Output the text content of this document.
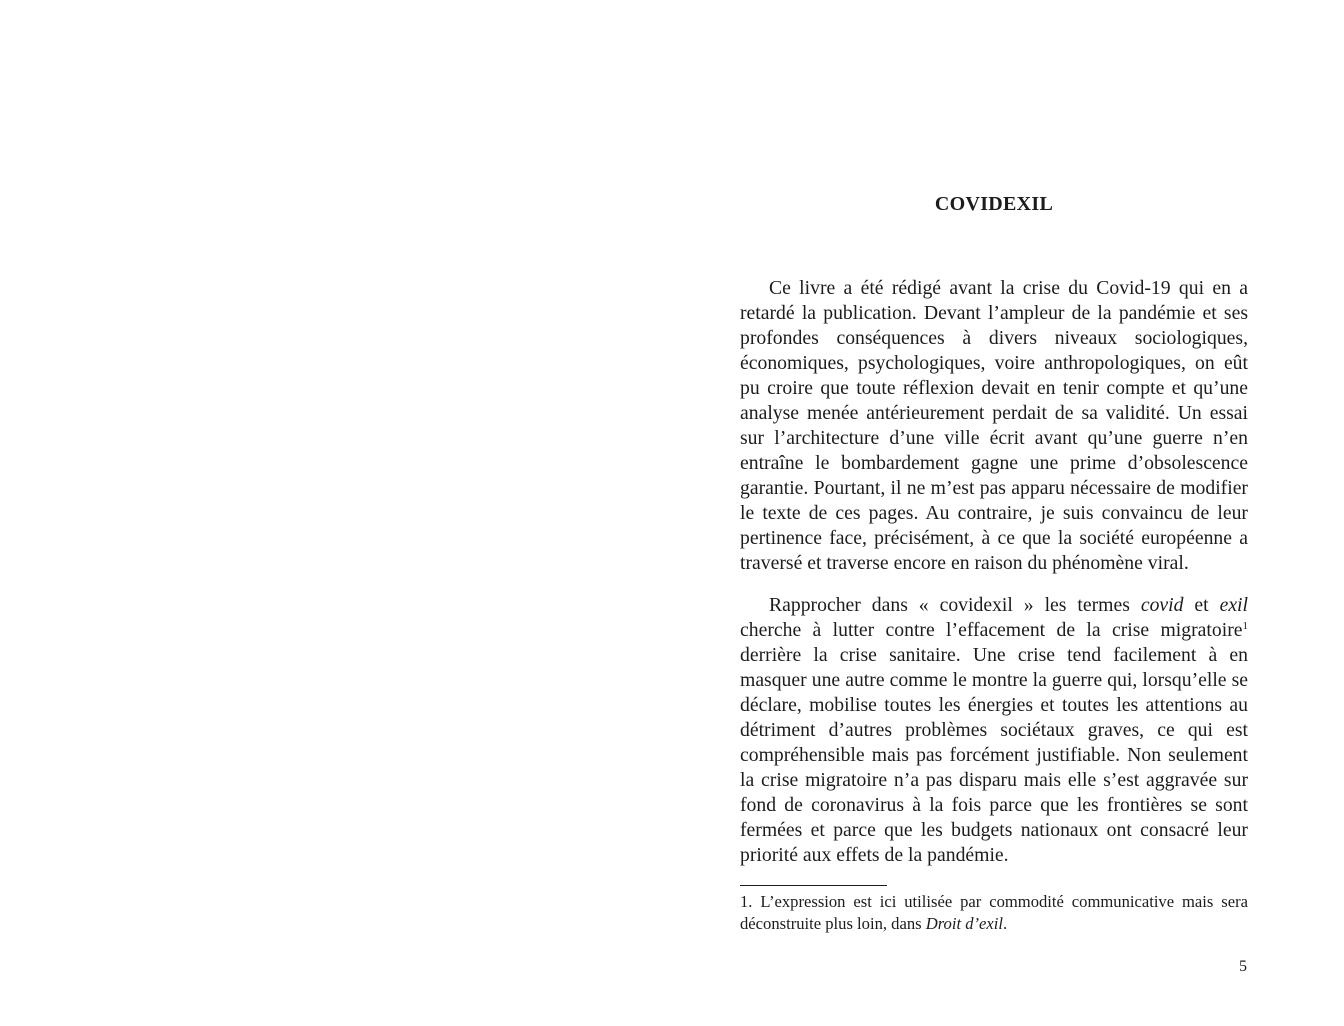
COVIDEXIL

Ce livre a été rédigé avant la crise du Covid-19 qui en a retardé la publication. Devant l’ampleur de la pandémie et ses profondes conséquences à divers niveaux sociologiques, économiques, psychologiques, voire anthropologiques, on eût pu croire que toute réflexion devait en tenir compte et qu’une analyse menée antérieurement perdait de sa validité. Un essai sur l’architecture d’une ville écrit avant qu’une guerre n’en entraîne le bombardement gagne une prime d’obsolescence garantie. Pourtant, il ne m’est pas apparu nécessaire de modifier le texte de ces pages. Au contraire, je suis convaincu de leur pertinence face, précisément, à ce que la société européenne a traversé et traverse encore en raison du phénomène viral.

Rapprocher dans « covidexil » les termes covid et exil cherche à lutter contre l’effacement de la crise migratoire$^1$ derrière la crise sanitaire. Une crise tend facilement à en masquer une autre comme le montre la guerre qui, lorsqu’elle se déclare, mobilise toutes les énergies et toutes les attentions au détriment d’autres problèmes sociétaux graves, ce qui est compréhensible mais pas forcément justifiable. Non seulement la crise migratoire n’a pas disparu mais elle s’est aggravée sur fond de coronavirus à la fois parce que les frontières se sont fermées et parce que les budgets nationaux ont consacré leur priorité aux effets de la pandémie.

1. L’expression est ici utilisée par commodité communicative mais sera déconstruite plus loin, dans Droit d’exil.
5
